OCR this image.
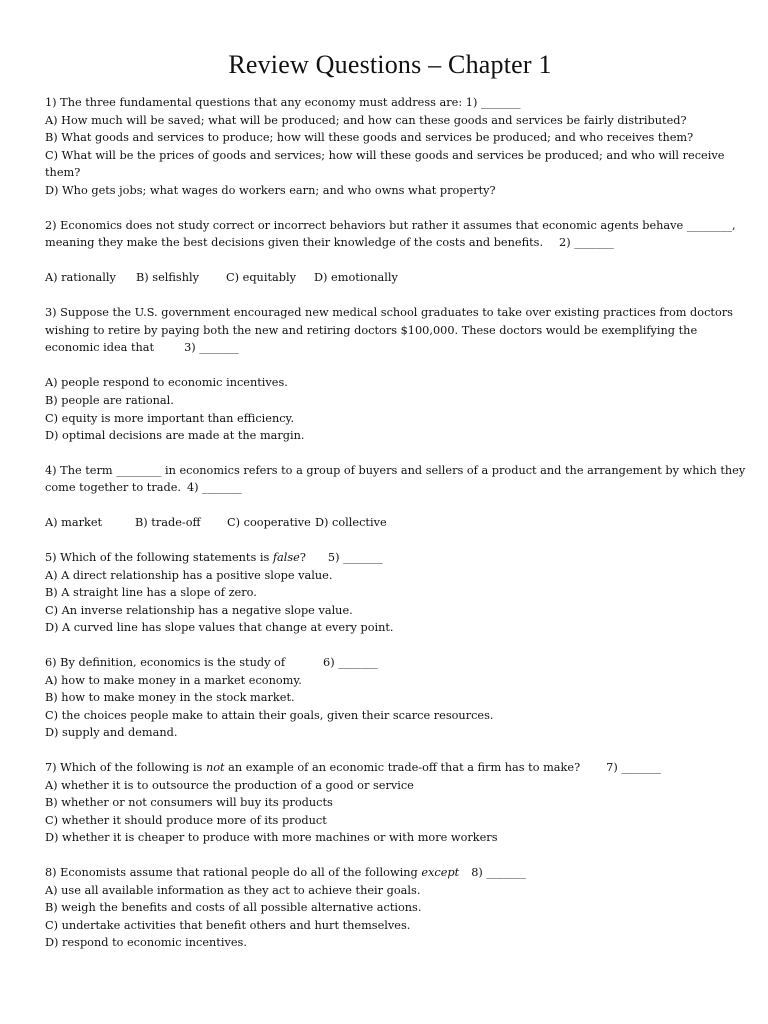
Review Questions – Chapter 1
1) The three fundamental questions that any economy must address are: 1) _______
A) How much will be saved; what will be produced; and how can these goods and services be fairly distributed?
B) What goods and services to produce; how will these goods and services be produced; and who receives them?
C) What will be the prices of goods and services; how will these goods and services be produced; and who will receive
them?
D) Who gets jobs; what wages do workers earn; and who owns what property?
2) Economics does not study correct or incorrect behaviors but rather it assumes that economic agents behave ________,
meaning they make the best decisions given their knowledge of the costs and benefits. 2) _______
A) rationally B) selfishly C) equitably D) emotionally
3) Suppose the U.S. government encouraged new medical school graduates to take over existing practices from doctors
wishing to retire by paying both the new and retiring doctors $100,000. These doctors would be exemplifying the
economic idea that	3) _______
A) people respond to economic incentives.
B) people are rational.
C) equity is more important than efficiency.
D) optimal decisions are made at the margin.
4) The term ________ in economics refers to a group of buyers and sellers of a product and the arrangement by which they
come together to trade. 4) _______
A) market	B) trade-off C) cooperative D) collective
5) Which of the following statements is false? 5) _______
A) A direct relationship has a positive slope value.
B) A straight line has a slope of zero.
C) An inverse relationship has a negative slope value.
D) A curved line has slope values that change at every point.
6) By definition, economics is the study of	6) _______
A) how to make money in a market economy.
B) how to make money in the stock market.
C) the choices people make to attain their goals, given their scarce resources.
D) supply and demand.
7) Which of the following is not an example of an economic trade-off that a firm has to make? 7) _______
A) whether it is to outsource the production of a good or service
B) whether or not consumers will buy its products
C) whether it should produce more of its product
D) whether it is cheaper to produce with more machines or with more workers
8) Economists assume that rational people do all of the following except 8) _______
A) use all available information as they act to achieve their goals.
B) weigh the benefits and costs of all possible alternative actions.
C) undertake activities that benefit others and hurt themselves.
D) respond to economic incentives.
